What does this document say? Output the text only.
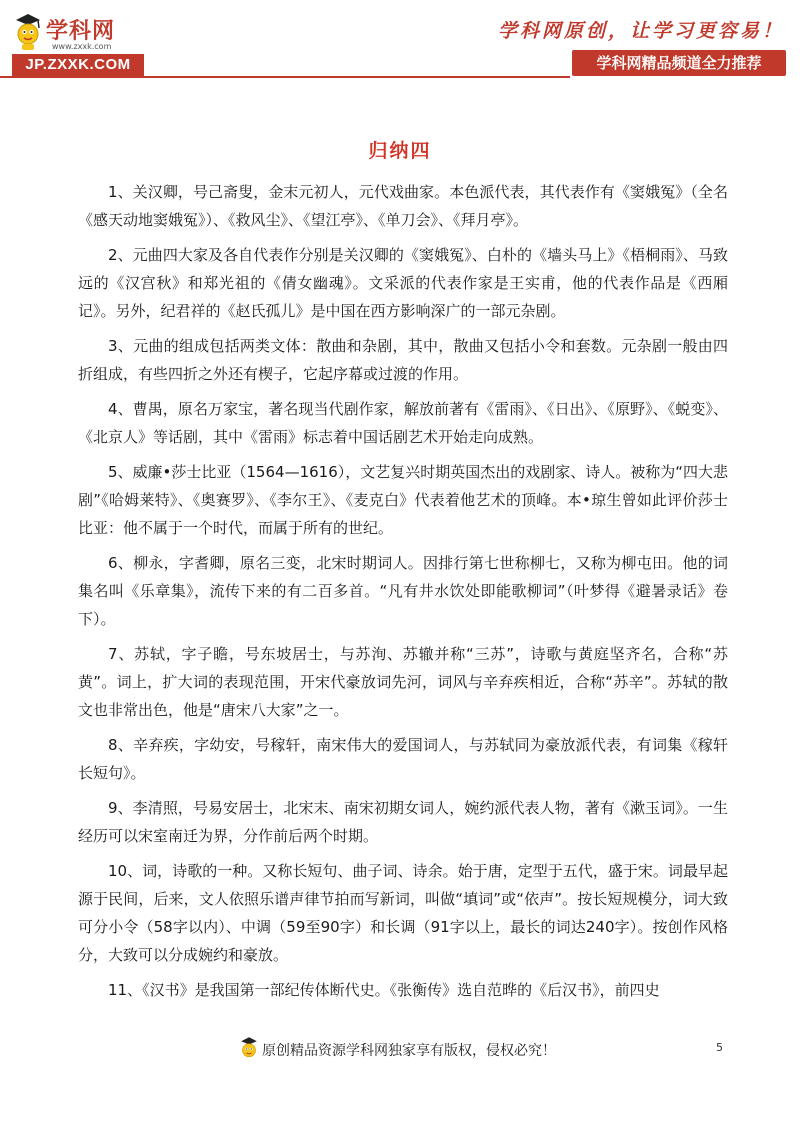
学科网
www.zxxk.com
JP.ZXXK.COM
学科网原创，让学习更容易！
学科网精品频道全力推荐
归纳四

1、关汉卿，号己斋叟，金末元初人，元代戏曲家。本色派代表，其代表作有《窦娥冤》（全名《感天动地窦娥冤》）、《救风尘》、《望江亭》、《单刀会》、《拜月亭》。

2、元曲四大家及各自代表作分别是关汉卿的《窦娥冤》、白朴的《墙头马上》《梧桐雨》、马致远的《汉宫秋》和郑光祖的《倩女幽魂》。文采派的代表作家是王实甫，他的代表作品是《西厢记》。另外，纪君祥的《赵氏孤儿》是中国在西方影响深广的一部元杂剧。

3、元曲的组成包括两类文体：散曲和杂剧，其中，散曲又包括小令和套数。元杂剧一般由四折组成，有些四折之外还有楔子，它起序幕或过渡的作用。

4、曹禺，原名万家宝，著名现当代剧作家，解放前著有《雷雨》、《日出》、《原野》、《蜕变》、《北京人》等话剧，其中《雷雨》标志着中国话剧艺术开始走向成熟。

5、威廉•莎士比亚（1564—1616），文艺复兴时期英国杰出的戏剧家、诗人。被称为“四大悲剧”《哈姆莱特》、《奥赛罗》、《李尔王》、《麦克白》代表着他艺术的顶峰。本•琼生曾如此评价莎士比亚：他不属于一个时代，而属于所有的世纪。

6、柳永，字耆卿，原名三变，北宋时期词人。因排行第七世称柳七，又称为柳屯田。他的词集名叫《乐章集》，流传下来的有二百多首。“凡有井水饮处即能歌柳词”（叶梦得《避暑录话》卷下）。

7、苏轼，字子瞻，号东坡居士，与苏洵、苏辙并称“三苏”，诗歌与黄庭坚齐名，合称“苏黄”。词上，扩大词的表现范围，开宋代豪放词先河，词风与辛弃疾相近，合称“苏辛”。苏轼的散文也非常出色，他是“唐宋八大家”之一。

8、辛弃疾，字幼安，号稼轩，南宋伟大的爱国词人，与苏轼同为豪放派代表，有词集《稼轩长短句》。

9、李清照，号易安居士，北宋末、南宋初期女词人，婉约派代表人物，著有《漱玉词》。一生经历可以宋室南迁为界，分作前后两个时期。

10、词，诗歌的一种。又称长短句、曲子词、诗余。始于唐，定型于五代，盛于宋。词最早起源于民间，后来，文人依照乐谱声律节拍而写新词，叫做“填词”或“依声”。按长短规模分，词大致可分小令（58字以内）、中调（59至90字）和长调（91字以上，最长的词达240字）。按创作风格分，大致可以分成婉约和豪放。

11、《汉书》是我国第一部纪传体断代史。《张衡传》选自范晔的《后汉书》，前四史

5
原创精品资源学科网独家享有版权，侵权必究！
